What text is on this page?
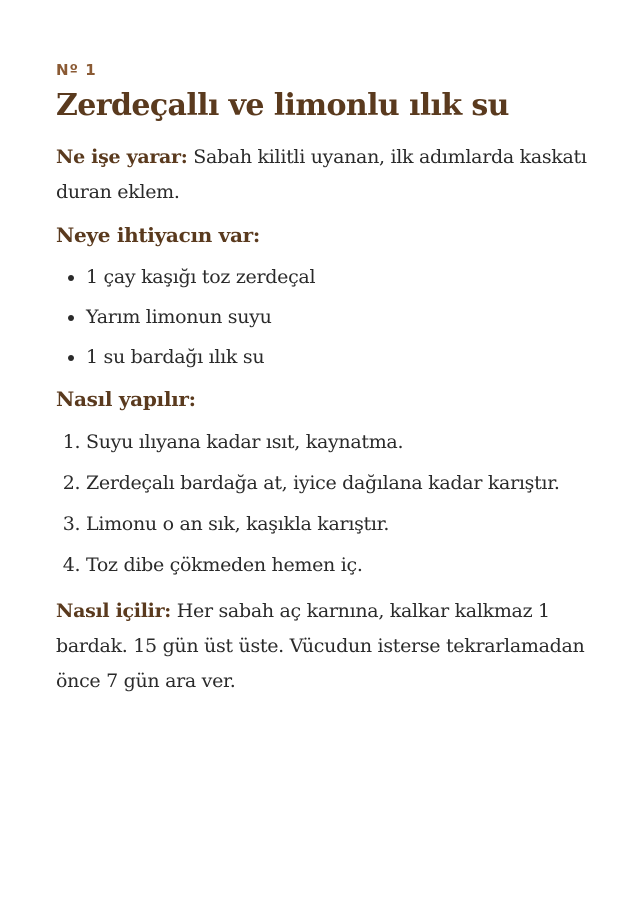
Nº 1
Zerdeçallı ve limonlu ılık su

Ne işe yarar: Sabah kilitli uyanan, ilk adımlarda kaskatı duran eklem.

Neye ihtiyacın var:
• 1 çay kaşığı toz zerdeçal
• Yarım limonun suyu
• 1 su bardağı ılık su
Nasıl yapılır:
1. Suyu ılıyana kadar ısıt, kaynatma.
2. Zerdeçalı bardağa at, iyice dağılana kadar karıştır.
3. Limonu o an sık, kaşıkla karıştır.
4. Toz dibe çökmeden hemen iç.

Nasıl içilir: Her sabah aç karnına, kalkar kalkmaz 1 bardak. 15 gün üst üste. Vücudun isterse tekrarlamadan önce 7 gün ara ver.
